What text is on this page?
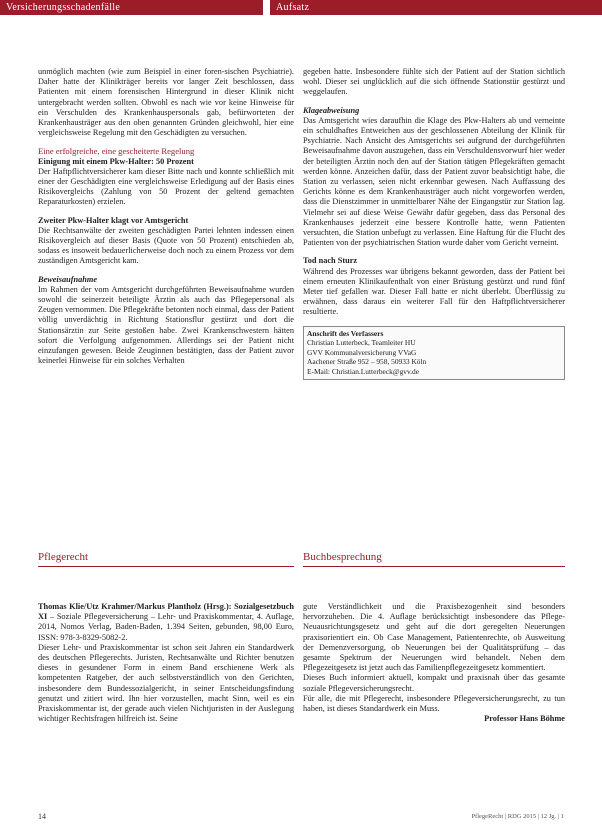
Versicherungsschadenfälle	Aufsatz

unmöglich machten (wie zum Beispiel in einer foren-sischen Psychiatrie). Daher hatte der Klinikträger bereits vor langer Zeit beschlossen, dass Patienten mit einem forensischen Hintergrund in dieser Klinik nicht untergebracht werden sollten. Obwohl es nach wie vor keine Hinweise für ein Verschulden des Krankenhauspersonals gab, befürworteten der Krankenhausträger aus den oben genannten Gründen gleichwohl, hier eine vergleichsweise Regelung mit den Geschädigten zu versuchen.

Eine erfolgreiche, eine gescheiterte Regelung

Einigung mit einem Pkw-Halter: 50 Prozent

Der Haftpflichtversicherer kam dieser Bitte nach und konnte schließlich mit einer der Geschädigten eine vergleichsweise Erledigung auf der Basis eines Risikovergleichs (Zahlung von 50 Prozent der geltend gemachten Reparaturkosten) erzielen.

Zweiter Pkw-Halter klagt vor Amtsgericht

Die Rechtsanwälte der zweiten geschädigten Partei lehnten indessen einen Risikovergleich auf dieser Basis (Quote von 50 Prozent) entschieden ab, sodass es insoweit bedauerlicherweise doch noch zu einem Prozess vor dem zuständigen Amtsgericht kam.

Beweisaufnahme

Im Rahmen der vom Amtsgericht durchgeführten Beweisaufnahme wurden sowohl die seinerzeit beteiligte Ärztin als auch das Pflegepersonal als Zeugen vernommen. Die Pflegekräfte betonten noch einmal, dass der Patient völlig unverdächtig in Richtung Stationsflur gestürzt und dort die Stationsärztin zur Seite gestoßen habe. Zwei Krankenschwestern hätten sofort die Verfolgung aufgenommen. Allerdings sei der Patient nicht einzufangen gewesen. Beide Zeuginnen bestätigten, dass der Patient zuvor keinerlei Hinweise für ein solches Verhalten

gegeben hatte. Insbesondere fühlte sich der Patient auf der Station sichtlich wohl. Dieser sei unglücklich auf die sich öffnende Stationstür gestürzt und weggelaufen.

Klageabweisung

Das Amtsgericht wies daraufhin die Klage des Pkw-Halters ab und verneinte ein schuldhaftes Entweichen aus der geschlossenen Abteilung der Klinik für Psychiatrie. Nach Ansicht des Amtsgerichts sei aufgrund der durchgeführten Beweisaufnahme davon auszugehen, dass ein Verschuldensvorwurf hier weder der beteiligten Ärztin noch den auf der Station tätigen Pflegekräften gemacht werden könne. Anzeichen dafür, dass der Patient zuvor beabsichtigt habe, die Station zu verlassen, seien nicht erkennbar gewesen. Nach Auffassung des Gerichts könne es dem Krankenhausträger auch nicht vorgeworfen werden, dass die Dienstzimmer in unmittelbarer Nähe der Eingangstür zur Station lag. Vielmehr sei auf diese Weise Gewähr dafür gegeben, dass das Personal des Krankenhauses jederzeit eine bessere Kontrolle hatte, wenn Patienten versuchten, die Station unbefugt zu verlassen. Eine Haftung für die Flucht des Patienten von der psychiatrischen Station wurde daher vom Gericht verneint.

Tod nach Sturz

Während des Prozesses war übrigens bekannt geworden, dass der Patient bei einem erneuten Klinikaufenthalt von einer Brüstung gestürzt und rund fünf Meter tief gefallen war. Dieser Fall hatte er nicht überlebt. Überflüssig zu erwähnen, dass daraus ein weiterer Fall für den Haftpflichtversicherer resultierte.

Anschrift des Verfassers
Christian Lutterbeck, Teamleiter HU
GVV Kommunalversicherung VVaG
Aachener Straße 952 – 958, 50933 Köln
E-Mail: Christian.Lutterbeck@gvv.de
Pflegerecht	Buchbesprechung

Thomas Klie/Utz Krahmer/Markus Plantholz (Hrsg.): Sozialgesetzbuch XI – Soziale Pflegeversicherung – Lehr- und Praxiskommentar, 4. Auflage, 2014, Nomos Verlag, Baden-Baden, 1.394 Seiten, gebunden, 98,00 Euro, ISSN: 978-3-8329-5082-2.

Dieser Lehr- und Praxiskommentar ist schon seit Jahren ein Standardwerk des deutschen Pflegerechts. Juristen, Rechtsanwälte und Richter benutzen dieses in gesundener Form in einem Band erschienene Werk als kompetenten Ratgeber, der auch selbstverständlich von den Gerichten, insbesondere dem Bundessozialgericht, in seiner Entscheidungsfindung genutzt und zitiert wird. Ihn hier vorzustellen, macht Sinn, weil es ein Praxiskommentar ist, der gerade auch vielen Nichtjuristen in der Auslegung wichtiger Rechtsfragen hilfreich ist. Seine

gute Verständlichkeit und die Praxisbezogenheit sind besonders hervorzuheben. Die 4. Auflage berücksichtigt insbesondere das Pflege-Neuausrichtungsgesetz und geht auf die dort geregelten Neuerungen praxisorientiert ein. Ob Case Management, Patientenrechte, ob Ausweitung der Demenzversorgung, ob Neuerungen bei der Qualitätsprüfung – das gesamte Spektrum der Neuerungen wird behandelt. Neben dem Pflegezeitgesetz ist jetzt auch das Familienpflegezeitgesetz kommentiert.

Dieses Buch informiert aktuell, kompakt und praxisnah über das gesamte soziale Pflegeversicherungsrecht.

Für alle, die mit Pflegerecht, insbesondere Pflegeversicherungsrecht, zu tun haben, ist dieses Standardwerk ein Muss.

Professor Hans Böhme

14	PflegeRecht | RDG 2015 | 12 Jg. | 1
